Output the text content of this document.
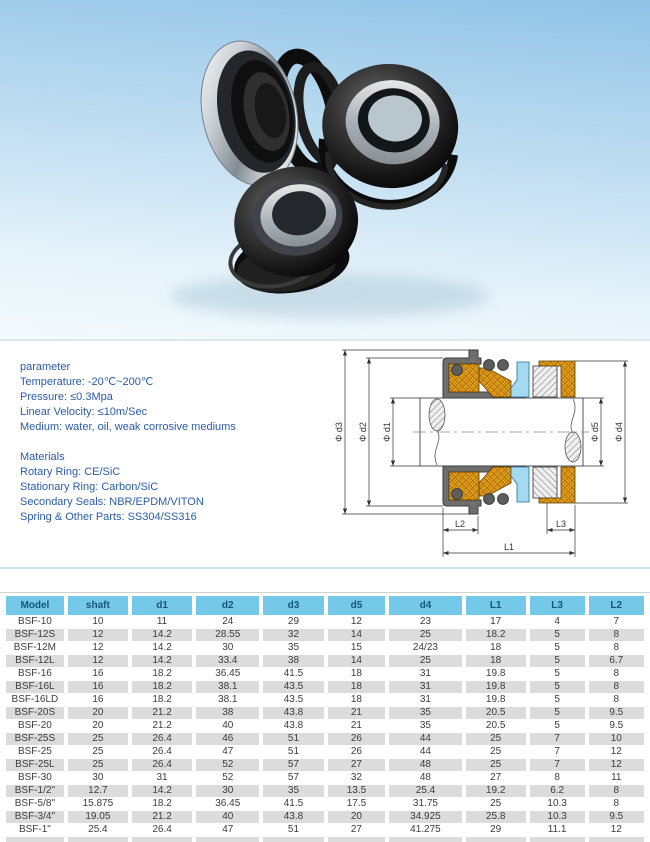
parameter
Temperature: -20℃~200℃
Pressure: ≤0.3Mpa
Linear Velocity: ≤10m/Sec
Medium: water, oil, weak corrosive mediums
Materials
Rotary Ring: CE/SiC
Stationary Ring: Carbon/SiC
Secondary Seals: NBR/EPDM/VITON
Spring & Other Parts: SS304/SS316
Φ d3 Φ d2 Φ d1	Φ d5 Φ d4
L2	L3
L1
Model	shaft	d1	d2	d3	d5	d4	L1	L3	L2
BSF-10	10	11	24	29	12	23	17	4	7
BSF-12S	12	14.2	28.55	32	14	25	18.2	5	8
BSF-12M	12	14.2	30	35	15	24/23	18	5	8
BSF-12L	12	14.2	33.4	38	14	25	18	5	6.7
BSF-16	16	18.2	36.45	41.5	18	31	19.8	5	8
BSF-16L	16	18.2	38.1	43.5	18	31	19.8	5	8
BSF-16LD	16	18.2	38.1	43.5	18	31	19.8	5	8
BSF-20S	20	21.2	38	43.8	21	35	20.5	5	9.5
BSF-20	20	21.2	40	43.8	21	35	20.5	5	9.5
BSF-25S	25	26.4	46	51	26	44	25	7	10
BSF-25	25	26.4	47	51	26	44	25	7	12
BSF-25L	25	26.4	52	57	27	48	25	7	12
BSF-30	30	31	52	57	32	48	27	8	11
BSF-1/2"	12.7	14.2	30	35	13.5	25.4	19.2	6.2	8
BSF-5/8"	15.875	18.2	36.45	41.5	17.5	31.75	25	10.3	8
BSF-3/4"	19.05	21.2	40	43.8	20	34.925	25.8	10.3	9.5
BSF-1"	25.4	26.4	47	51	27	41.275	29	11.1	12
